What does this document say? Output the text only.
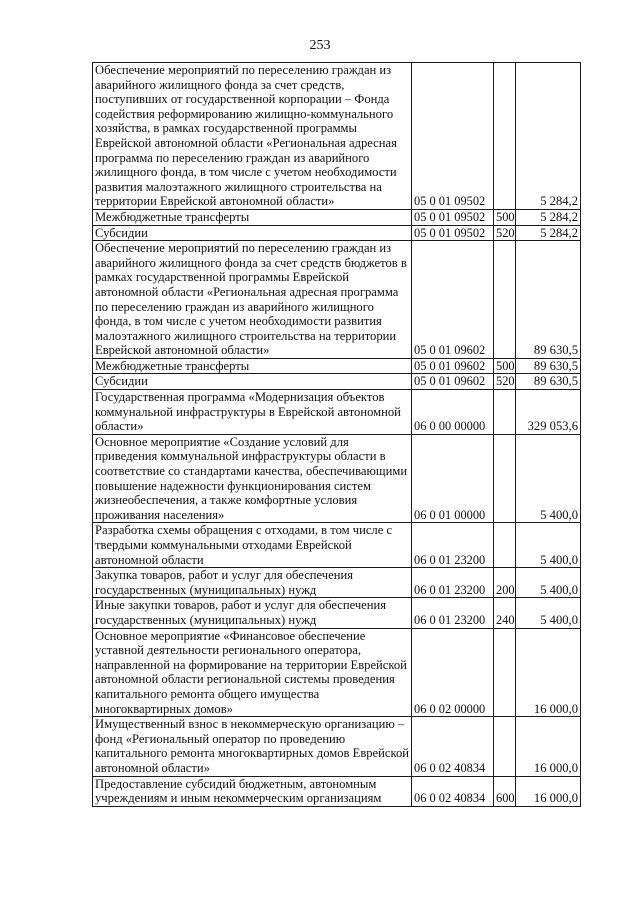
253
Обеспечение мероприятий по переселению граждан из аварийного жилищного фонда за счет средств, поступивших от государственной корпорации – Фонда содействия реформированию жилищно-коммунального хозяйства, в рамках государственной программы Еврейской автономной области «Региональная адресная программа по переселению граждан из аварийного жилищного фонда, в том числе с учетом необходимости развития малоэтажного жилищного строительства на территории Еврейской автономной области»	05 0 01 09502		5 284,2
Межбюджетные трансферты	05 0 01 09502	500	5 284,2
Субсидии	05 0 01 09502	520	5 284,2
Обеспечение мероприятий по переселению граждан из аварийного жилищного фонда за счет средств бюджетов в рамках государственной программы Еврейской автономной области «Региональная адресная программа по переселению граждан из аварийного жилищного фонда, в том числе с учетом необходимости развития малоэтажного жилищного строительства на территории Еврейской автономной области»	05 0 01 09602		89 630,5
Межбюджетные трансферты	05 0 01 09602	500	89 630,5
Субсидии	05 0 01 09602	520	89 630,5
Государственная программа «Модернизация объектов коммунальной инфраструктуры в Еврейской автономной области»	06 0 00 00000		329 053,6
Основное мероприятие «Создание условий для приведения коммунальной инфраструктуры области в соответствие со стандартами качества, обеспечивающими повышение надежности функционирования систем жизнеобеспечения, а также комфортные условия проживания населения»	06 0 01 00000		5 400,0
Разработка схемы обращения с отходами, в том числе с твердыми коммунальными отходами Еврейской автономной области	06 0 01 23200		5 400,0
Закупка товаров, работ и услуг для обеспечения государственных (муниципальных) нужд	06 0 01 23200	200	5 400,0
Иные закупки товаров, работ и услуг для обеспечения государственных (муниципальных) нужд	06 0 01 23200	240	5 400,0
Основное мероприятие «Финансовое обеспечение уставной деятельности регионального оператора, направленной на формирование на территории Еврейской автономной области региональной системы проведения капитального ремонта общего имущества многоквартирных домов»	06 0 02 00000		16 000,0
Имущественный взнос в некоммерческую организацию – фонд «Региональный оператор по проведению капитального ремонта многоквартирных домов Еврейской автономной области»	06 0 02 40834		16 000,0
Предоставление субсидий бюджетным, автономным учреждениям и иным некоммерческим организациям	06 0 02 40834	600	16 000,0
